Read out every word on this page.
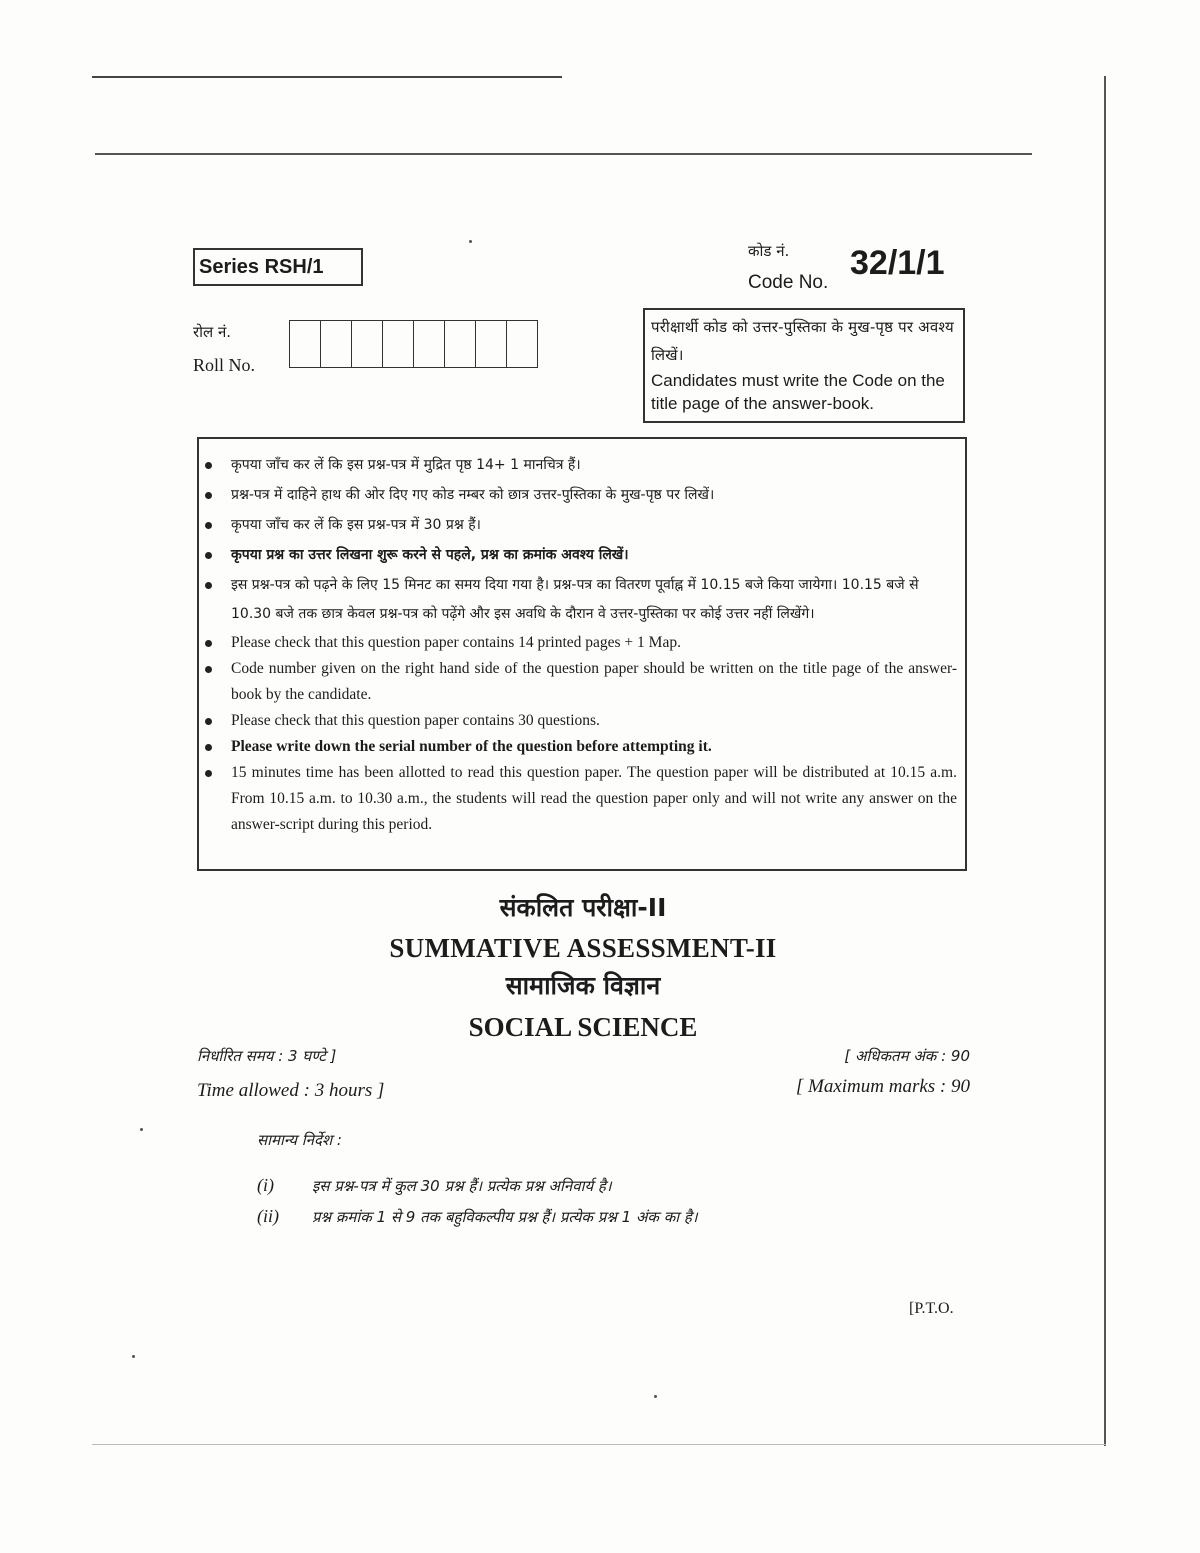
Series RSH/1
कोड नं.
Code No.
32/1/1
रोल नं.
Roll No.
परीक्षार्थी कोड को उत्तर-पुस्तिका के मुख-पृष्ठ पर अवश्य लिखें।
Candidates must write the Code on the title page of the answer-book.
कृपया जाँच कर लें कि इस प्रश्न-पत्र में मुद्रित पृष्ठ 14+ 1 मानचित्र हैं।
प्रश्न-पत्र में दाहिने हाथ की ओर दिए गए कोड नम्बर को छात्र उत्तर-पुस्तिका के मुख-पृष्ठ पर लिखें।
कृपया जाँच कर लें कि इस प्रश्न-पत्र में 30 प्रश्न हैं।
कृपया प्रश्न का उत्तर लिखना शुरू करने से पहले, प्रश्न का क्रमांक अवश्य लिखें।
इस प्रश्न-पत्र को पढ़ने के लिए 15 मिनट का समय दिया गया है। प्रश्न-पत्र का वितरण पूर्वाह्न में 10.15 बजे किया जायेगा। 10.15 बजे से 10.30 बजे तक छात्र केवल प्रश्न-पत्र को पढ़ेंगे और इस अवधि के दौरान वे उत्तर-पुस्तिका पर कोई उत्तर नहीं लिखेंगे।
Please check that this question paper contains 14 printed pages + 1 Map.
Code number given on the right hand side of the question paper should be written on the title page of the answer-book by the candidate.
Please check that this question paper contains 30 questions.
Please write down the serial number of the question before attempting it.
15 minutes time has been allotted to read this question paper. The question paper will be distributed at 10.15 a.m. From 10.15 a.m. to 10.30 a.m., the students will read the question paper only and will not write any answer on the answer-script during this period.
संकलित परीक्षा-II
SUMMATIVE ASSESSMENT-II
सामाजिक विज्ञान
SOCIAL SCIENCE
निर्धारित समय : 3 घण्टे ]
Time allowed : 3 hours ]
[ अधिकतम अंक : 90
[ Maximum marks : 90
सामान्य निर्देश :
(i)	इस प्रश्न-पत्र में कुल 30 प्रश्न हैं। प्रत्येक प्रश्न अनिवार्य है।
(ii) प्रश्न क्रमांक 1 से 9 तक बहुविकल्पीय प्रश्न हैं। प्रत्येक प्रश्न 1 अंक का है।
[P.T.O.
